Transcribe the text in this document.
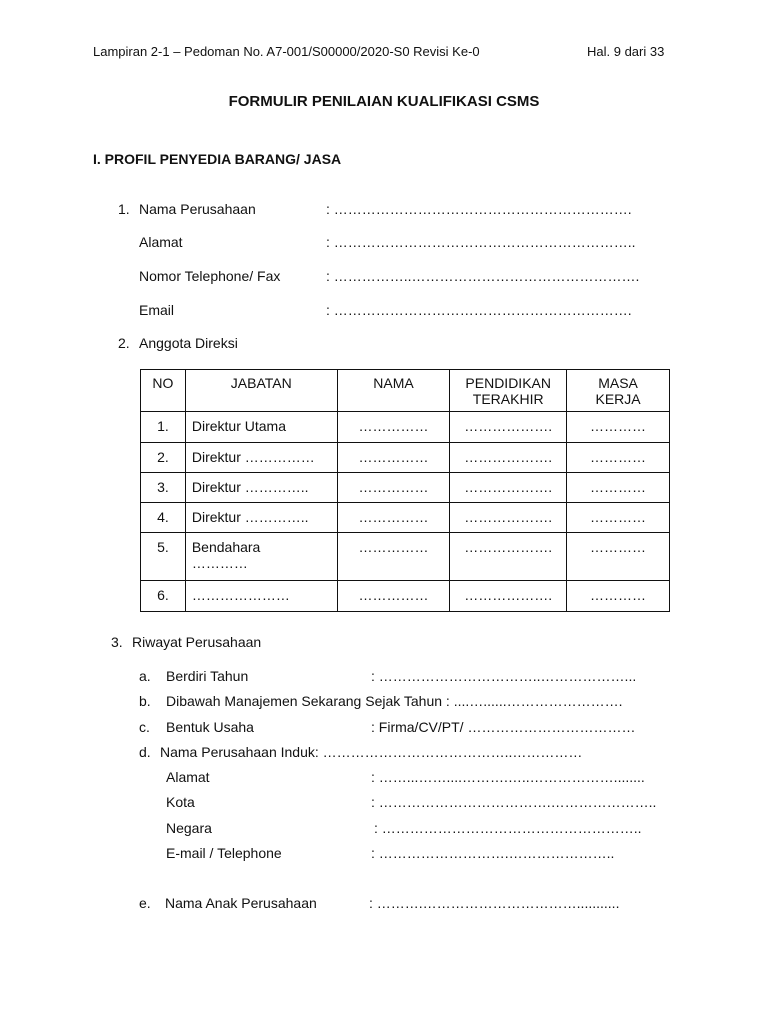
Lampiran 2-1 – Pedoman No. A7-001/S00000/2020-S0 Revisi Ke-0	Hal. 9 dari 33
FORMULIR PENILAIAN KUALIFIKASI CSMS
I. PROFIL PENYEDIA BARANG/ JASA
1. Nama Perusahaan	: ……………………………………………………….
Alamat	: ………………………………………………………..
Nomor Telephone/ Fax	: ……………..………………………………………….
Email	: ……………………………………………………….
2. Anggota Direksi
NO	JABATAN	NAMA	PENDIDIKAN TERAKHIR	MASA KERJA
1.	Direktur Utama	……………	……………….	…………
2.	Direktur ……………	……………	……………….	…………
3.	Direktur …………..	……………	……………….	…………
4.	Direktur …………..	……………	……………….	…………
5.	Bendahara …………	……………	……………….	…………
6.	…………………	……………	……………….	…………
3. Riwayat Perusahaan
a. Berdiri Tahun	: ……………………………..………………...
b. Dibawah Manajemen Sekarang Sejak Tahun : ....…......…………………….
c. Bentuk Usaha	: Firma/CV/PT/ ………………………………
d. Nama Perusahaan Induk: …………………………………..……………
Alamat	: ……...……....……….…..………………........
Kota	: ……………………………….…………………..
Negara	: ………………………………………………..
E-mail / Telephone	: ……………………….…………………..
e. Nama Anak Perusahaan	: ……….……………………………...........
